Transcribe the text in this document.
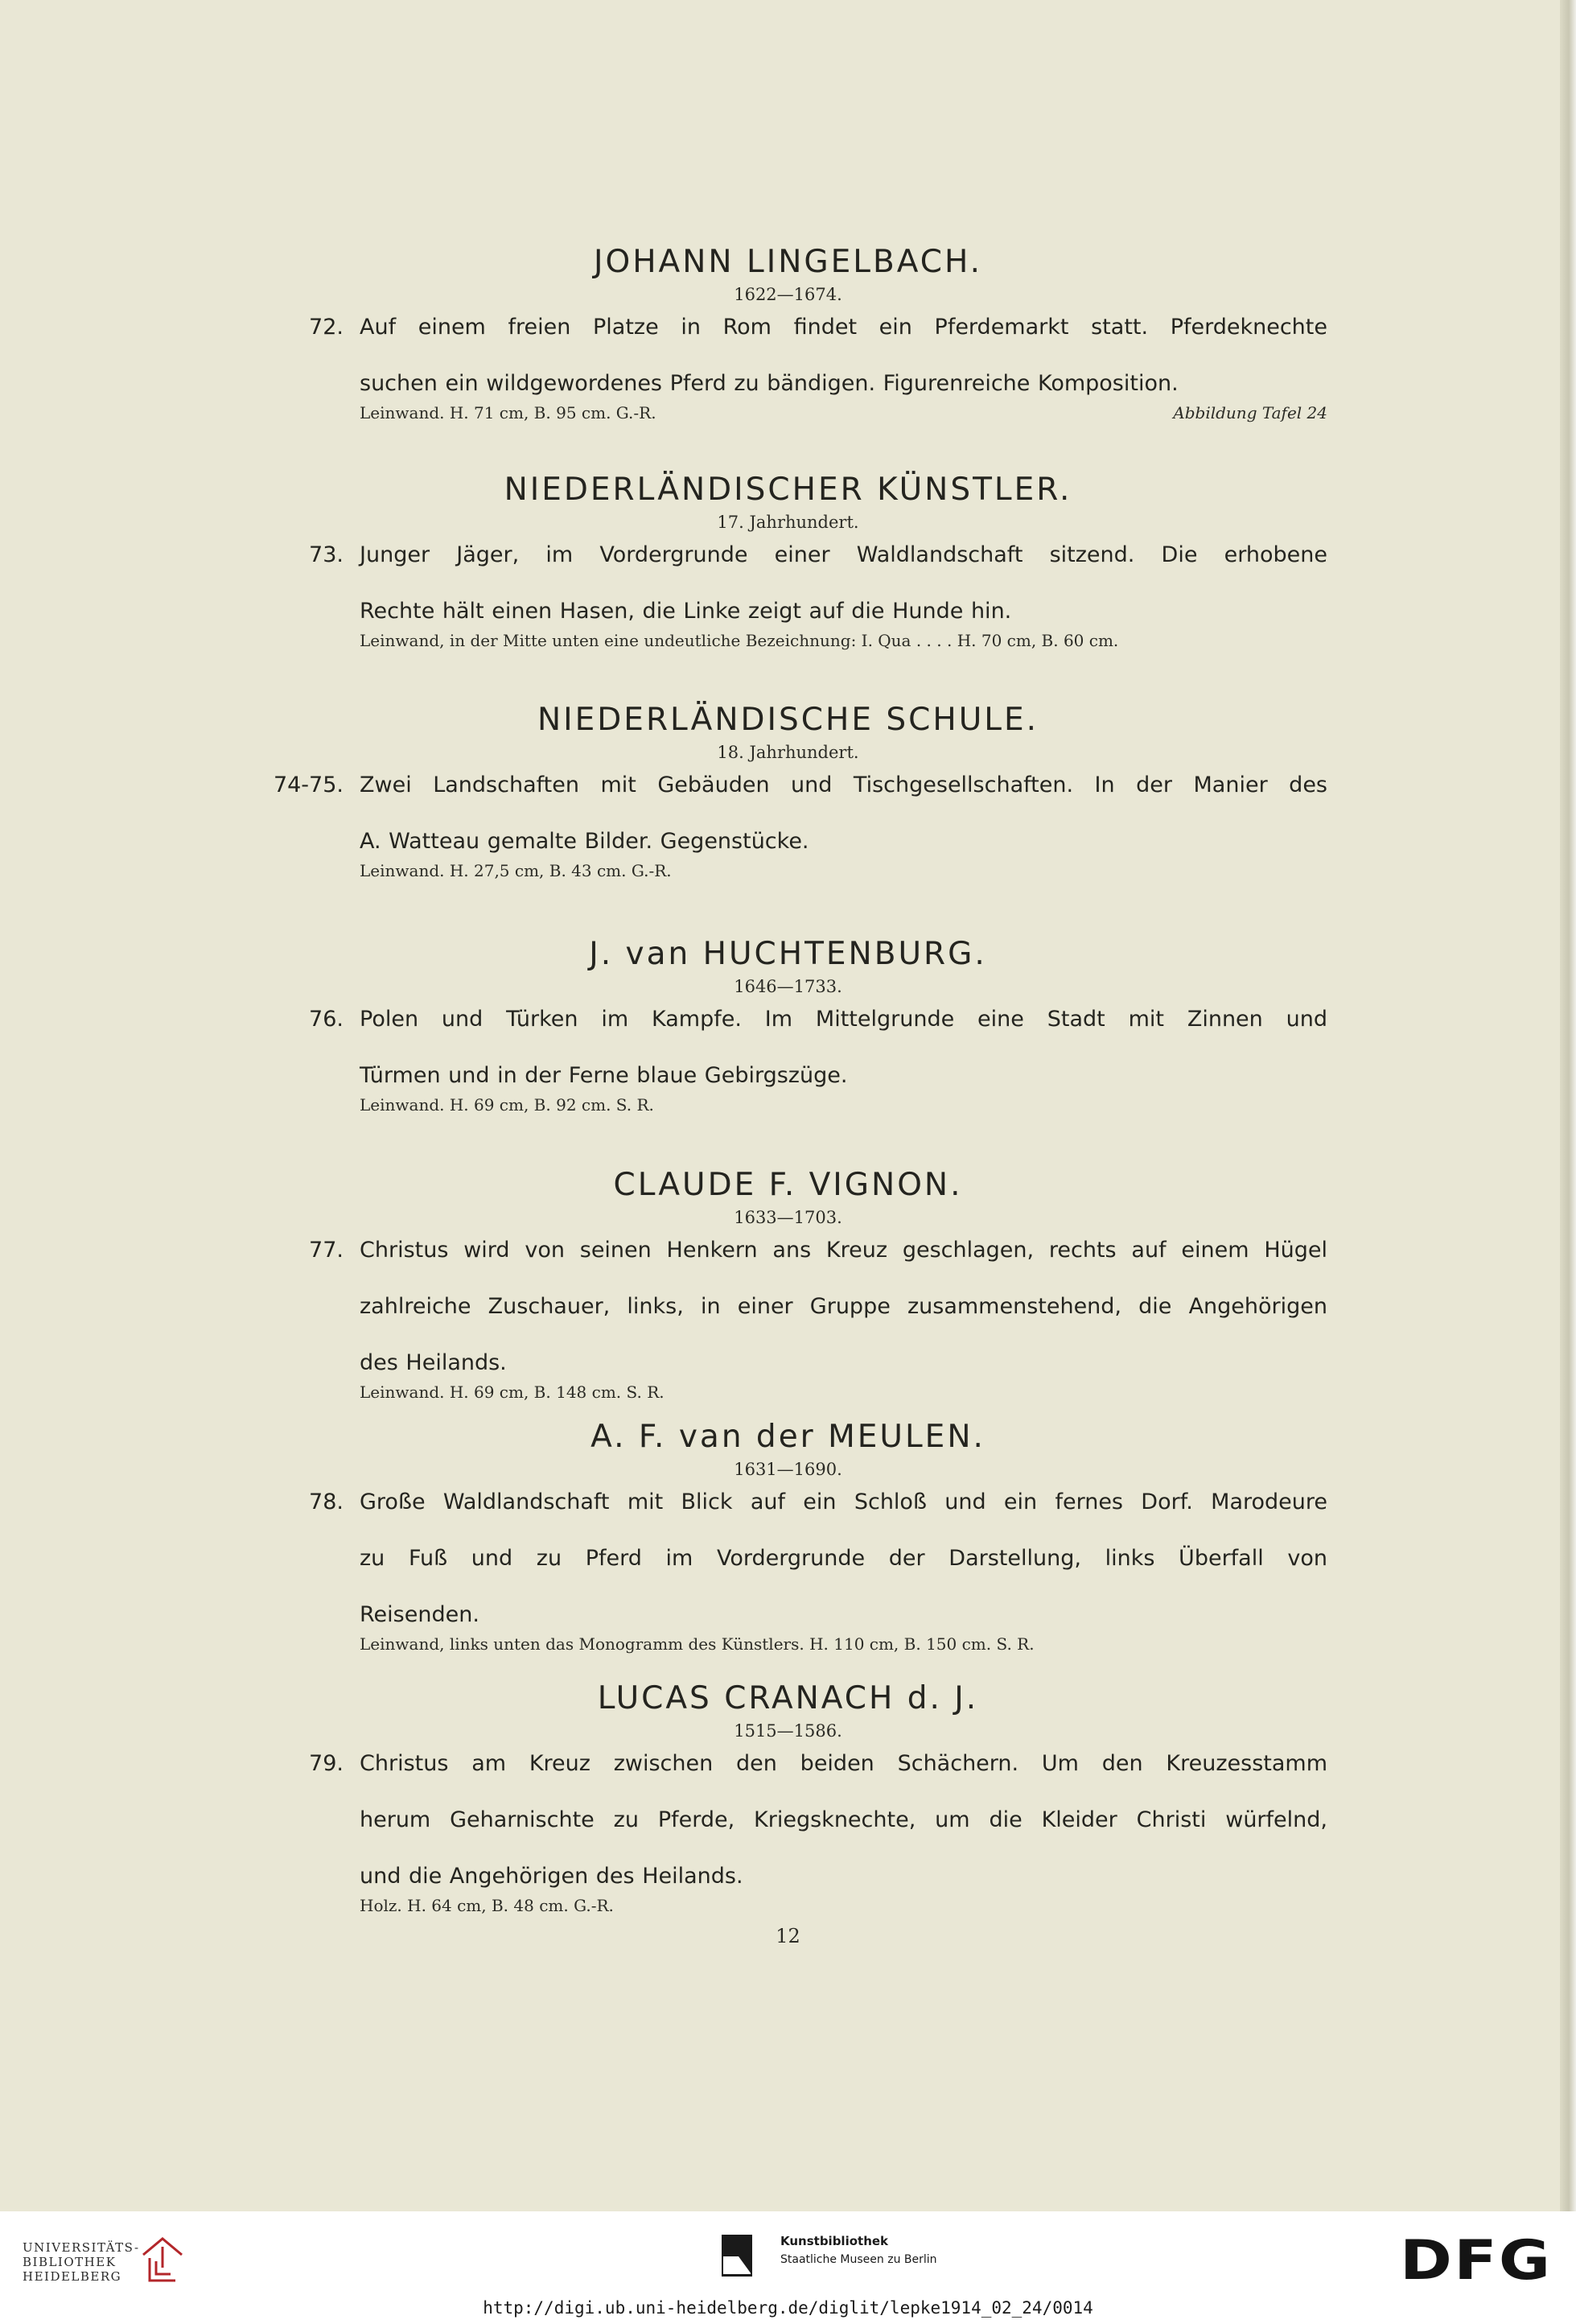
JOHANN LINGELBACH.
1622—1674.
72. Auf einem freien Platze in Rom findet ein Pferdemarkt statt. Pferdeknechte
suchen ein wildgewordenes Pferd zu bändigen. Figurenreiche Komposition.

Leinwand. H. 71 cm, B. 95 cm. G.-R.	Abbildung Tafel 24
NIEDERLÄNDISCHER KÜNSTLER.
17. Jahrhundert.
73. Junger Jäger, im Vordergrunde einer Waldlandschaft sitzend. Die erhobene
Rechte hält einen Hasen, die Linke zeigt auf die Hunde hin.

Leinwand, in der Mitte unten eine undeutliche Bezeichnung: I. Qua . . . . H. 70 cm, B. 60 cm.
NIEDERLÄNDISCHE SCHULE.
18. Jahrhundert.
74-75. Zwei Landschaften mit Gebäuden und Tischgesellschaften. In der Manier des
A. Watteau gemalte Bilder. Gegenstücke.

Leinwand. H. 27,5 cm, B. 43 cm. G.-R.
J. van HUCHTENBURG.
1646—1733.
76. Polen und Türken im Kampfe. Im Mittelgrunde eine Stadt mit Zinnen und
Türmen und in der Ferne blaue Gebirgszüge.

Leinwand. H. 69 cm, B. 92 cm. S. R.
CLAUDE F. VIGNON.
1633—1703.
77. Christus wird von seinen Henkern ans Kreuz geschlagen, rechts auf einem Hügel
zahlreiche Zuschauer, links, in einer Gruppe zusammenstehend, die Angehörigen
des Heilands.

Leinwand. H. 69 cm, B. 148 cm. S. R.
A. F. van der MEULEN.
1631—1690.
78. Große Waldlandschaft mit Blick auf ein Schloß und ein fernes Dorf. Marodeure
zu Fuß und zu Pferd im Vordergrunde der Darstellung, links Überfall von
Reisenden.

Leinwand, links unten das Monogramm des Künstlers. H. 110 cm, B. 150 cm. S. R.
LUCAS CRANACH d. J.
1515—1586.
79. Christus am Kreuz zwischen den beiden Schächern. Um den Kreuzesstamm
herum Geharnischte zu Pferde, Kriegsknechte, um die Kleider Christi würfelnd,
und die Angehörigen des Heilands.

Holz. H. 64 cm, B. 48 cm. G.-R.
12
UNIVERSITÄTS-
BIBLIOTHEK
HEIDELBERG
Kunstbibliothek
Staatliche Museen zu Berlin	DFG
http://digi.ub.uni-heidelberg.de/diglit/lepke1914_02_24/0014
